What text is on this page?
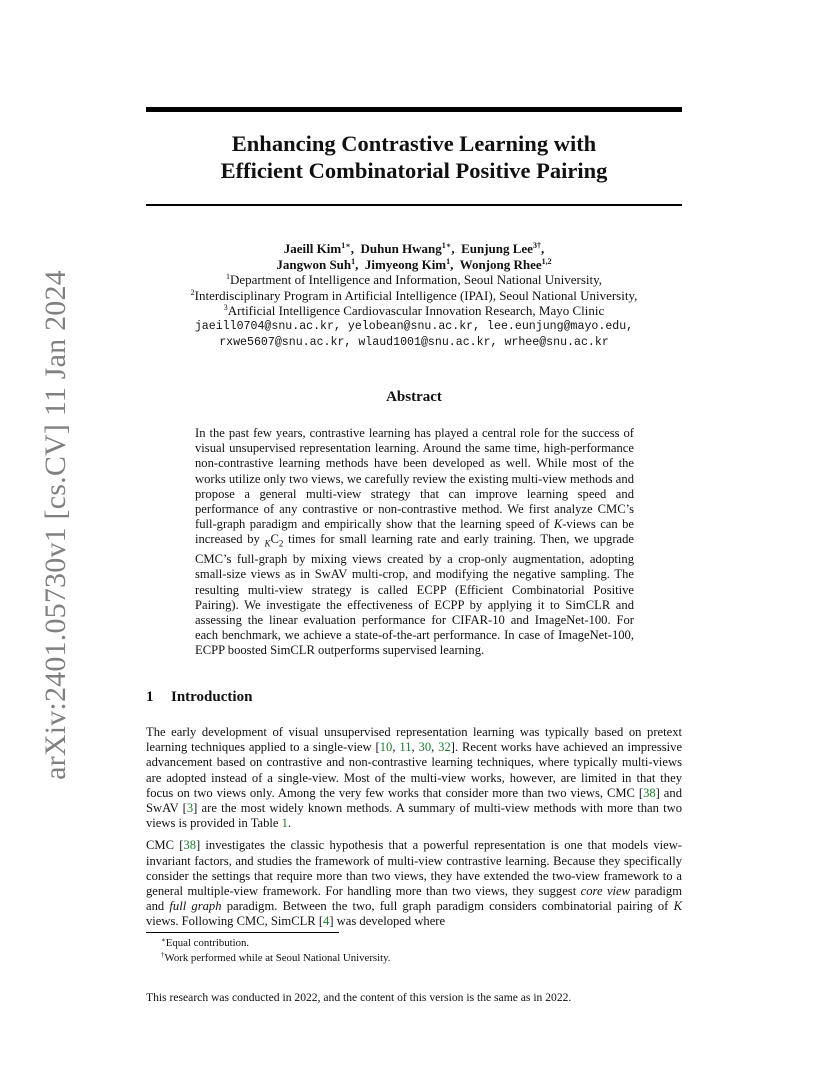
arXiv:2401.05730v1 [cs.CV] 11 Jan 2024
Enhancing Contrastive Learning with
Efficient Combinatorial Positive Pairing
Jaeill Kim$^{1∗}$,  Duhun Hwang$^{1∗}$,  Eunjung Lee$^{3\dagger}$,
Jangwon Suh$^1$,  Jimyeong Kim$^1$,  Wonjong Rhee$^{1,2}$
$^1$Department of Intelligence and Information, Seoul National University,
$^2$Interdisciplinary Program in Artificial Intelligence (IPAI), Seoul National University,
$^3$Artificial Intelligence Cardiovascular Innovation Research, Mayo Clinic
jaeill0704@snu.ac.kr, yelobean@snu.ac.kr, lee.eunjung@mayo.edu,
rxwe5607@snu.ac.kr, wlaud1001@snu.ac.kr, wrhee@snu.ac.kr
Abstract
In the past few years, contrastive learning has played a central role for the success of visual unsupervised representation learning. Around the same time, high-performance non-contrastive learning methods have been developed as well. While most of the works utilize only two views, we carefully review the existing multi-view methods and propose a general multi-view strategy that can improve learning speed and performance of any contrastive or non-contrastive method. We first analyze CMC’s full-graph paradigm and empirically show that the learning speed of K-views can be increased by $_KC_2$ times for small learning rate and early training. Then, we upgrade CMC’s full-graph by mixing views created by a crop-only augmentation, adopting small-size views as in SwAV multi-crop, and modifying the negative sampling. The resulting multi-view strategy is called ECPP (Efficient Combinatorial Positive Pairing). We investigate the effectiveness of ECPP by applying it to SimCLR and assessing the linear evaluation performance for CIFAR-10 and ImageNet-100. For each benchmark, we achieve a state-of-the-art performance. In case of ImageNet-100, ECPP boosted SimCLR outperforms supervised learning.
1 Introduction

The early development of visual unsupervised representation learning was typically based on pretext learning techniques applied to a single-view [10, 11, 30, 32]. Recent works have achieved an impressive advancement based on contrastive and non-contrastive learning techniques, where typically multi-views are adopted instead of a single-view. Most of the multi-view works, however, are limited in that they focus on two views only. Among the very few works that consider more than two views, CMC [38] and SwAV [3] are the most widely known methods. A summary of multi-view methods with more than two views is provided in Table 1.

CMC [38] investigates the classic hypothesis that a powerful representation is one that models view-invariant factors, and studies the framework of multi-view contrastive learning. Because they specifically consider the settings that require more than two views, they have extended the two-view framework to a general multiple-view framework. For handling more than two views, they suggest core view paradigm and full graph paradigm. Between the two, full graph paradigm considers combinatorial pairing of K views. Following CMC, SimCLR [4] was developed where

∗Equal contribution.
†Work performed while at Seoul National University.
This research was conducted in 2022, and the content of this version is the same as in 2022.
